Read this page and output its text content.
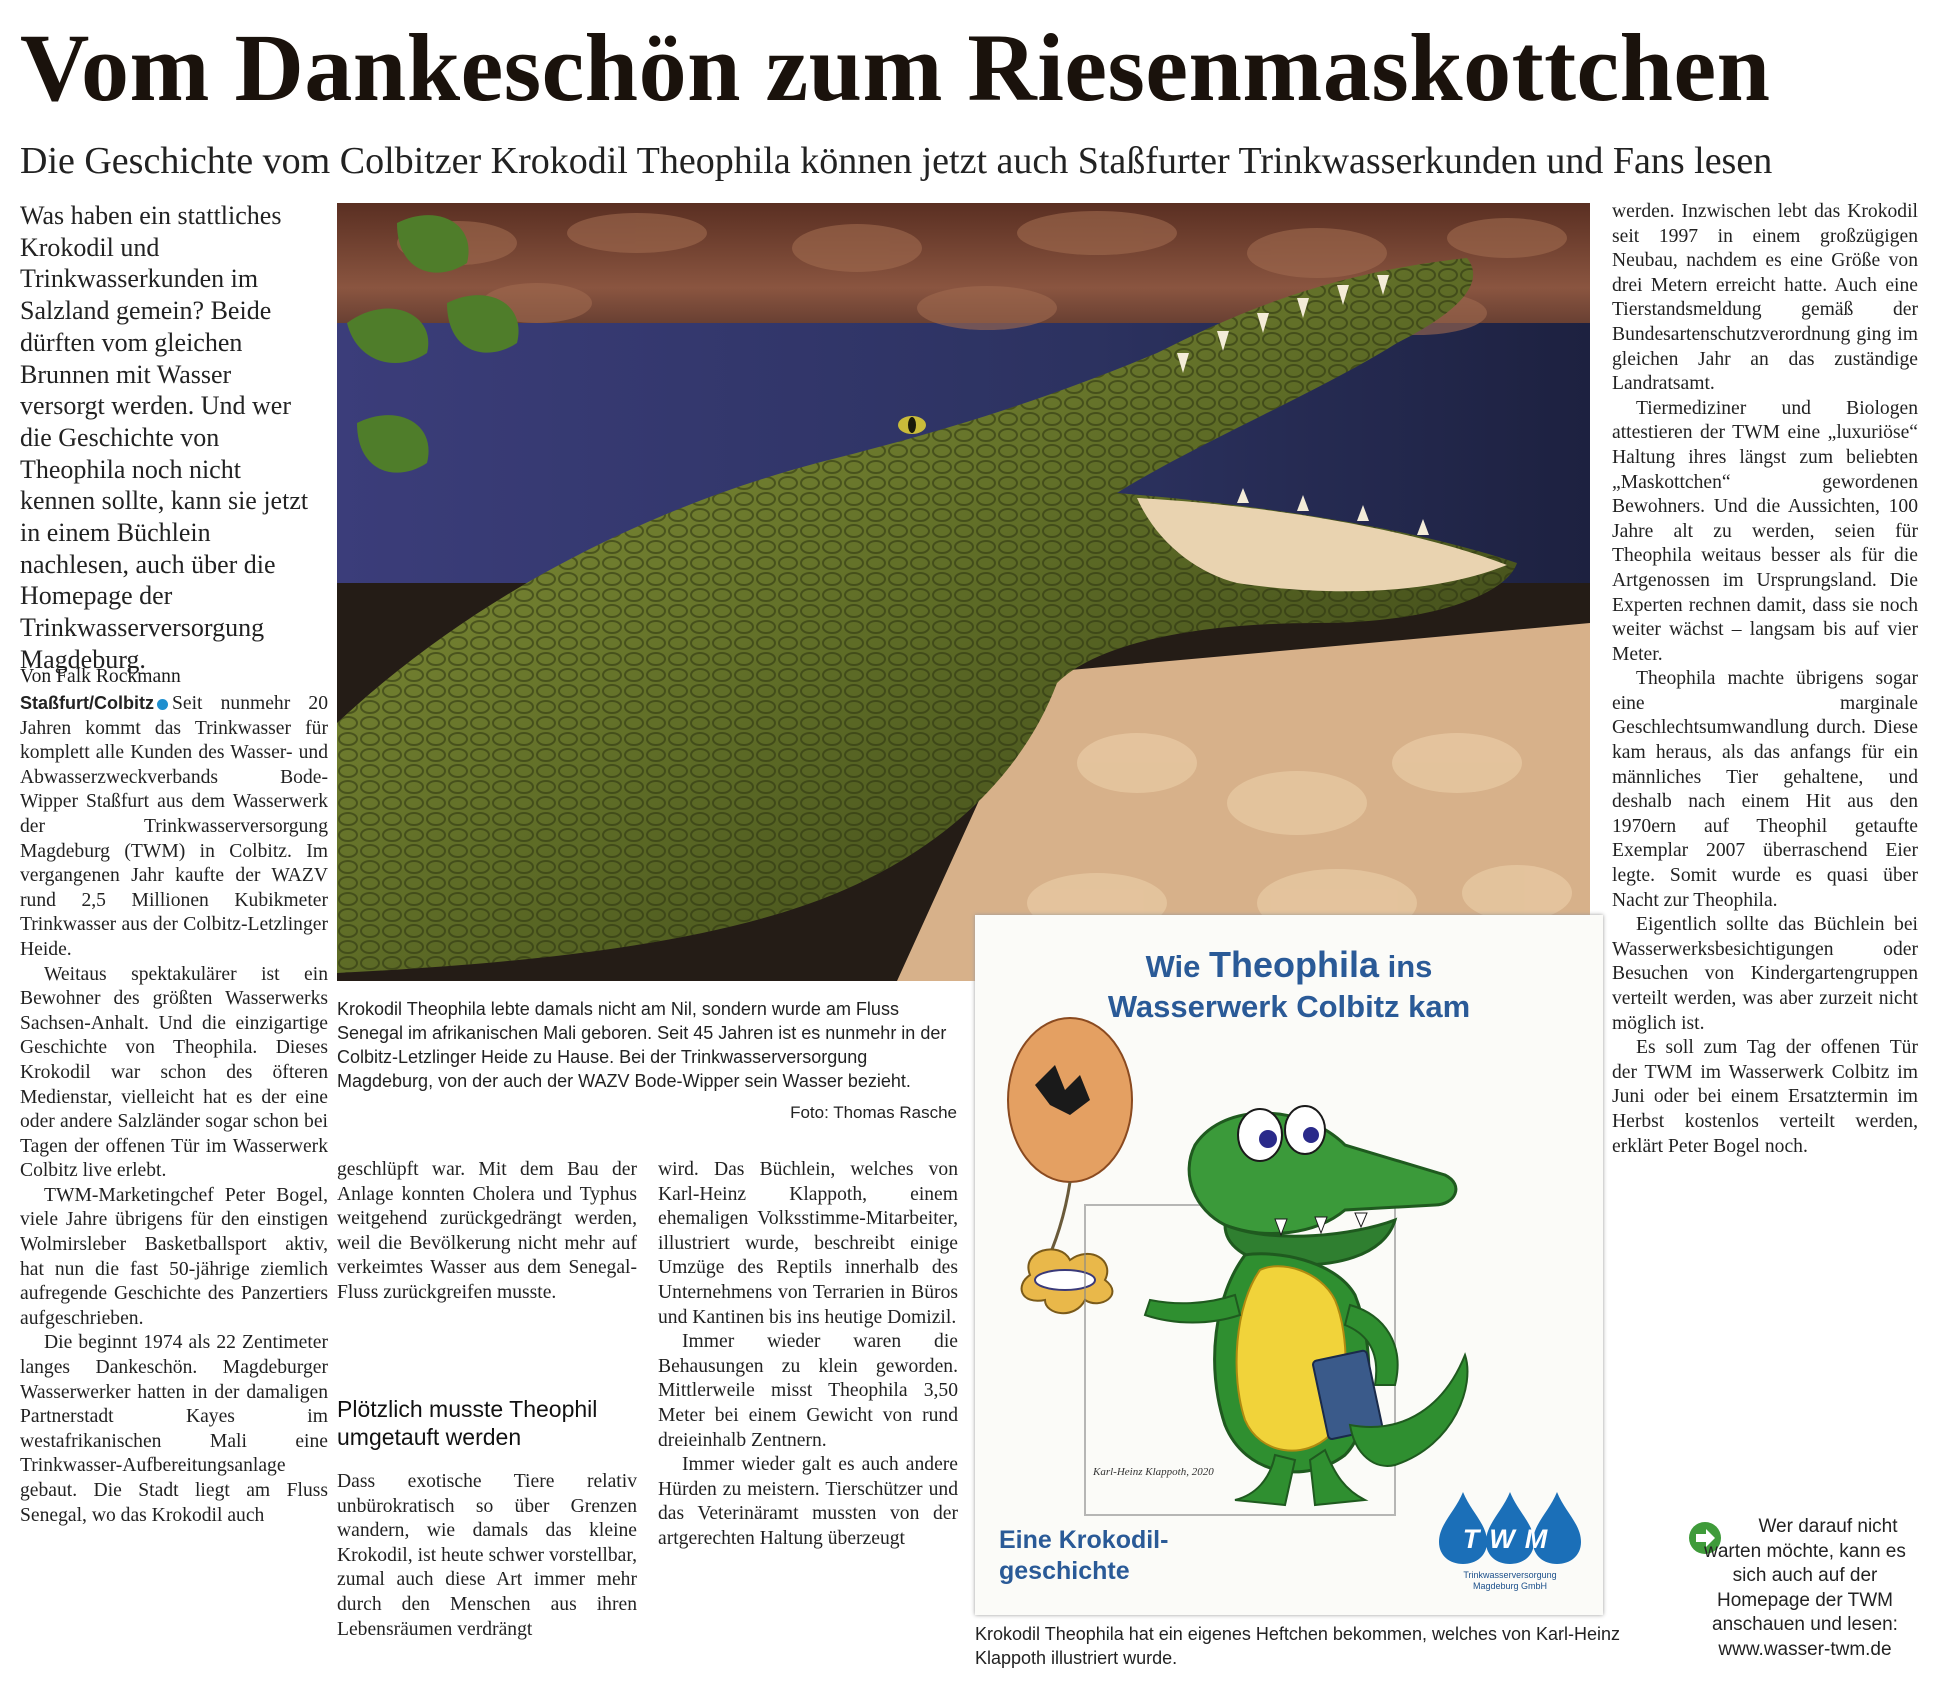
Vom Dankeschön zum Riesenmaskottchen
Die Geschichte vom Colbitzer Krokodil Theophila können jetzt auch Staßfurter Trinkwasserkunden und Fans lesen
Was haben ein stattliches Krokodil und Trinkwasserkunden im Salzland gemein? Beide dürften vom gleichen Brunnen mit Wasser versorgt werden. Und wer die Geschichte von Theophila noch nicht kennen sollte, kann sie jetzt in einem Büchlein nachlesen, auch über die Homepage der Trinkwasserversorgung Magdeburg.
Von Falk Rockmann

Staßfurt/Colbitz Seit nunmehr 20 Jahren kommt das Trinkwasser für komplett alle Kunden des Wasser- und Abwasserzweckverbands Bode-Wipper Staßfurt aus dem Wasserwerk der Trinkwasserversorgung Magdeburg (TWM) in Colbitz. Im vergangenen Jahr kaufte der WAZV rund 2,5 Millionen Kubikmeter Trinkwasser aus der Colbitz-Letzlinger Heide.

Weitaus spektakulärer ist ein Bewohner des größten Wasserwerks Sachsen-Anhalt. Und die einzigartige Geschichte von Theophila. Dieses Krokodil war schon des öfteren Medienstar, vielleicht hat es der eine oder andere Salzländer sogar schon bei Tagen der offenen Tür im Wasserwerk Colbitz live erlebt.

TWM-Marketingchef Peter Bogel, viele Jahre übrigens für den einstigen Wolmirsleber Basketballsport aktiv, hat nun die fast 50-jährige ziemlich aufregende Geschichte des Panzertiers aufgeschrieben.

Die beginnt 1974 als 22 Zentimeter langes Dankeschön. Magdeburger Wasserwerker hatten in der damaligen Partnerstadt Kayes im westafrikanischen Mali eine Trinkwasser-Aufbereitungsanlage gebaut. Die Stadt liegt am Fluss Senegal, wo das Krokodil auch

Krokodil Theophila lebte damals nicht am Nil, sondern wurde am Fluss Senegal im afrikanischen Mali geboren. Seit 45 Jahren ist es nunmehr in der Colbitz-Letzlinger Heide zu Hause. Bei der Trinkwasserversorgung Magdeburg, von der auch der WAZV Bode-Wipper sein Wasser bezieht.
Foto: Thomas Rasche

geschlüpft war. Mit dem Bau der Anlage konnten Cholera und Typhus weitgehend zurückgedrängt werden, weil die Bevölkerung nicht mehr auf verkeimtes Wasser aus dem Senegal-Fluss zurückgreifen musste.

Plötzlich musste Theophil umgetauft werden

Dass exotische Tiere relativ unbürokratisch so über Grenzen wandern, wie damals das kleine Krokodil, ist heute schwer vorstellbar, zumal auch diese Art immer mehr durch den Menschen aus ihren Lebensräumen verdrängt

wird. Das Büchlein, welches von Karl-Heinz Klappoth, einem ehemaligen Volksstimme-Mitarbeiter, illustriert wurde, beschreibt einige Umzüge des Reptils innerhalb des Unternehmens von Terrarien in Büros und Kantinen bis ins heutige Domizil.

Immer wieder waren die Behausungen zu klein geworden. Mittlerweile misst Theophila 3,50 Meter bei einem Gewicht von rund dreieinhalb Zentnern.

Immer wieder galt es auch andere Hürden zu meistern. Tierschützer und das Veterinäramt mussten von der artgerechten Haltung überzeugt

Wie Theophila ins
Wasserwerk Colbitz kam
Karl-Heinz Klappoth, 2020
Eine Krokodil-
geschichte
TWM
Trinkwasserversorgung
Magdeburg GmbH
Krokodil Theophila hat ein eigenes Heftchen bekommen, welches von Karl-Heinz Klappoth illustriert wurde.

werden. Inzwischen lebt das Krokodil seit 1997 in einem großzügigen Neubau, nachdem es eine Größe von drei Metern erreicht hatte. Auch eine Tierstandsmeldung gemäß der Bundesartenschutzverordnung ging im gleichen Jahr an das zuständige Landratsamt.

Tiermediziner und Biologen attestieren der TWM eine „luxuriöse“ Haltung ihres längst zum beliebten „Maskottchen“ gewordenen Bewohners. Und die Aussichten, 100 Jahre alt zu werden, seien für Theophila weitaus besser als für die Artgenossen im Ursprungsland. Die Experten rechnen damit, dass sie noch weiter wächst – langsam bis auf vier Meter.

Theophila machte übrigens sogar eine marginale Geschlechtsumwandlung durch. Diese kam heraus, als das anfangs für ein männliches Tier gehaltene, und deshalb nach einem Hit aus den 1970ern auf Theophil getaufte Exemplar 2007 überraschend Eier legte. Somit wurde es quasi über Nacht zur Theophila.

Eigentlich sollte das Büchlein bei Wasserwerksbesichtigungen oder Besuchen von Kindergartengruppen verteilt werden, was aber zurzeit nicht möglich ist.

Es soll zum Tag der offenen Tür der TWM im Wasserwerk Colbitz im Juni oder bei einem Ersatztermin im Herbst kostenlos verteilt werden, erklärt Peter Bogel noch.

Wer darauf nicht warten möchte, kann es sich auch auf der Homepage der TWM anschauen und lesen:
www.wasser-twm.de
